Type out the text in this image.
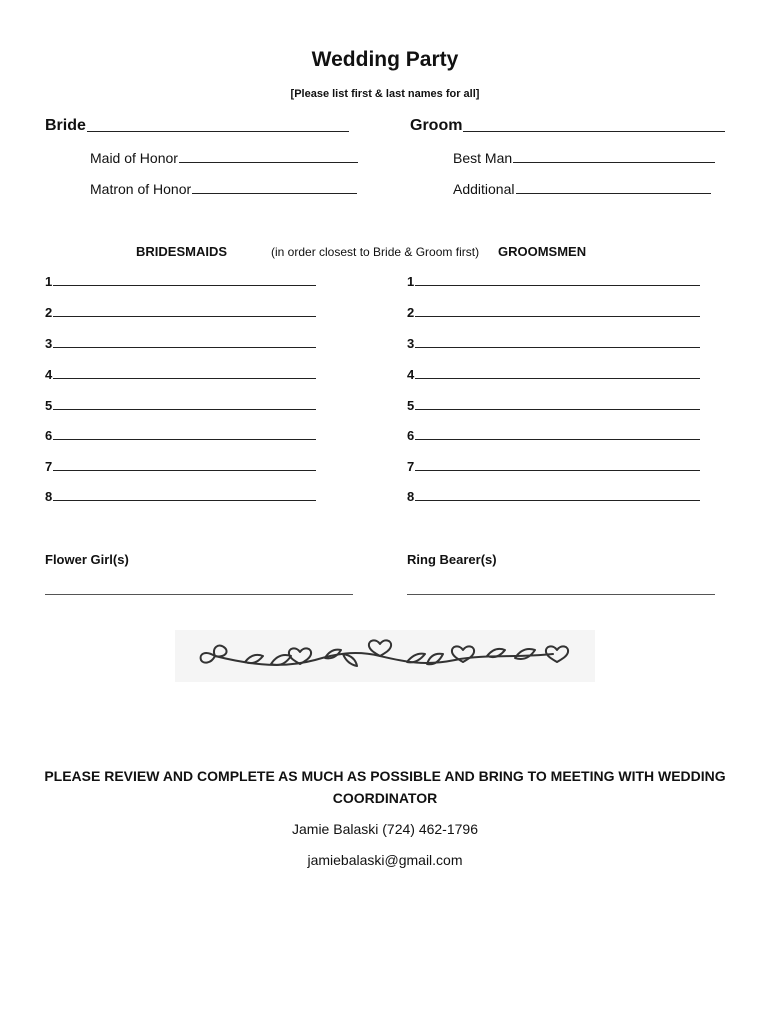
Wedding Party
[Please list first & last names for all]
Bride	Groom
Maid of Honor	Best Man
Matron of Honor	Additional
BRIDESMAIDS	(in order closest to Bride & Groom first) GROOMSMEN
1
2
3
4
5
6
7
8
1
2
3
4
5
6
7
8
Flower Girl(s)	Ring Bearer(s)
PLEASE REVIEW AND COMPLETE AS MUCH AS POSSIBLE AND BRING TO MEETING WITH WEDDING
COORDINATOR
Jamie Balaski (724) 462-1796
jamiebalaski@gmail.com
